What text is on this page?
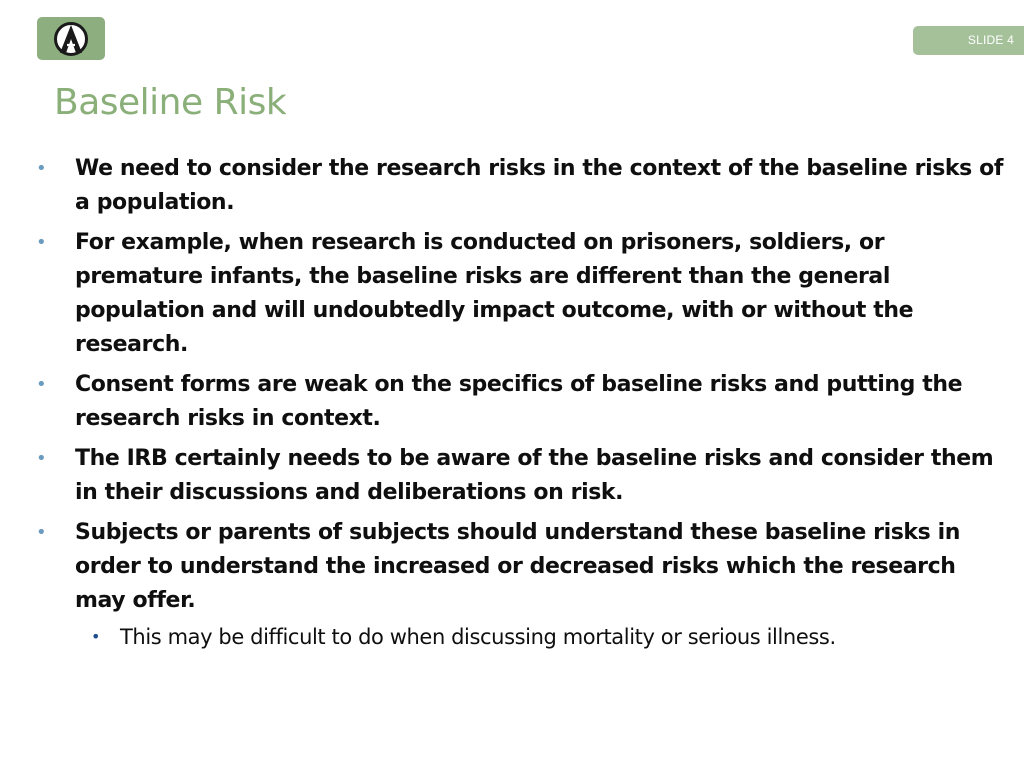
SLIDE 4
Baseline Risk
• We need to consider the research risks in the context of the baseline risks of a population.
• For example, when research is conducted on prisoners, soldiers, or premature infants, the baseline risks are different than the general population and will undoubtedly impact outcome, with or without the research.
• Consent forms are weak on the specifics of baseline risks and putting the research risks in context.
• The IRB certainly needs to be aware of the baseline risks and consider them in their discussions and deliberations on risk.
• Subjects or parents of subjects should understand these baseline risks in order to understand the increased or decreased risks which the research may offer.
• This may be difficult to do when discussing mortality or serious illness.
